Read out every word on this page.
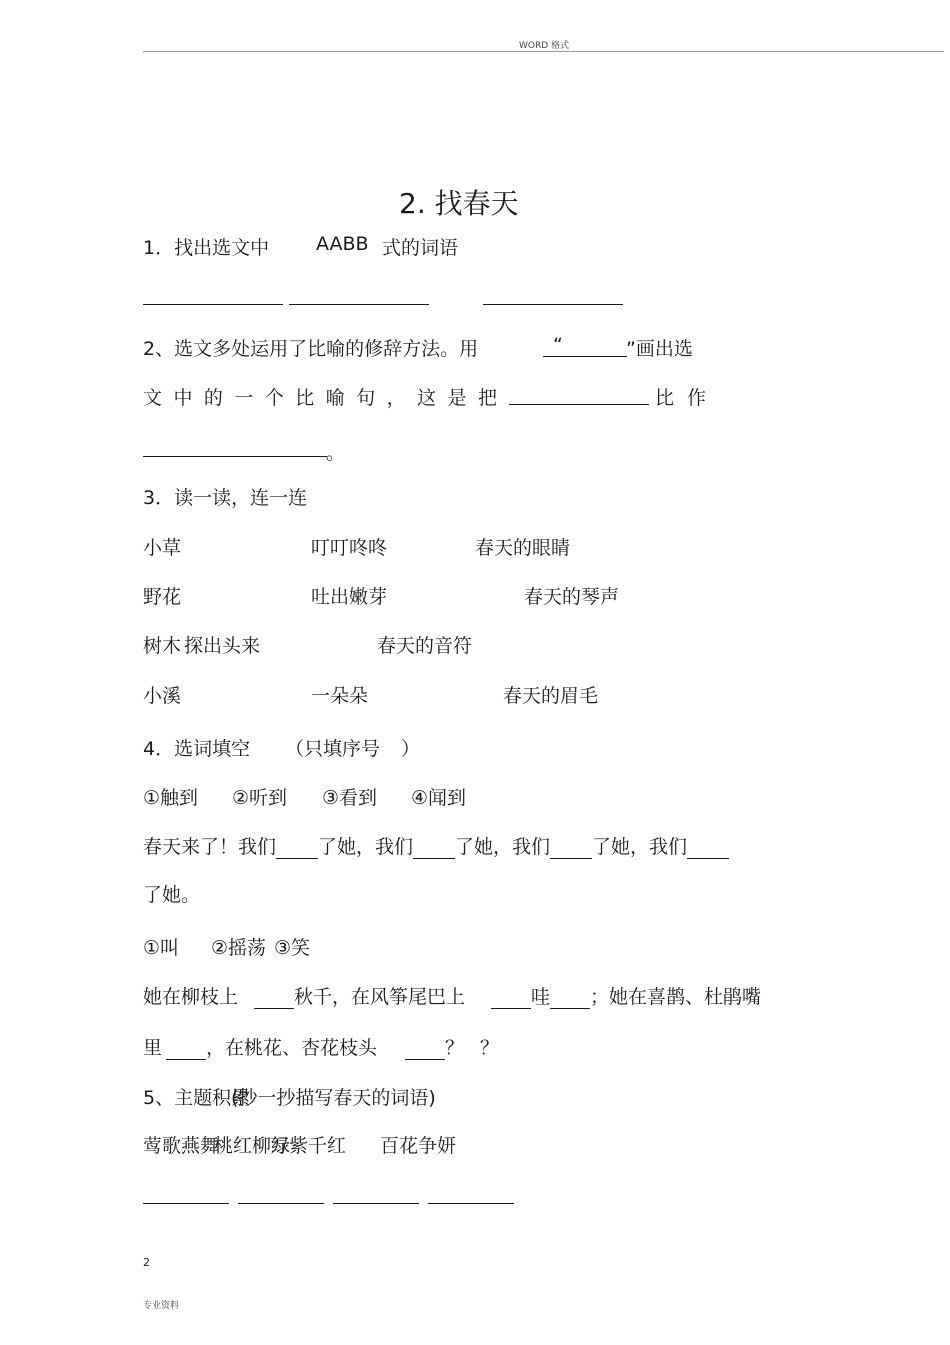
WORD 格式
2. 找春天
1．找出选文中 AABB 式的词语
2、选文多处运用了比喻的修辞方法。用	“	”画出选
文 中 的 一 个 比 喻 句 ， 这 是 把	比 作
。
3．读一读，连一连
小草	叮叮咚咚	春天的眼睛
野花	吐出嫩芽	春天的琴声
树木 探出头来	春天的音符
小溪	一朵朵	春天的眉毛
4．选词填空 （只填序号 ）
①触到 ②听到 ③看到 ④闻到
春天来了！我们 了她，我们 了她，我们 了她，我们
了她。
①叫 ②摇荡 ③笑
她在柳枝上	秋千，在风筝尾巴上	哇 ；她在喜鹊、杜鹃嘴
里 ，在桃花、杏花枝头	？ ？
5、主题积累
(抄一抄描写春天的词语)
莺歌燕舞
桃红柳绿
万紫千红 百花争妍
2
专业资料
